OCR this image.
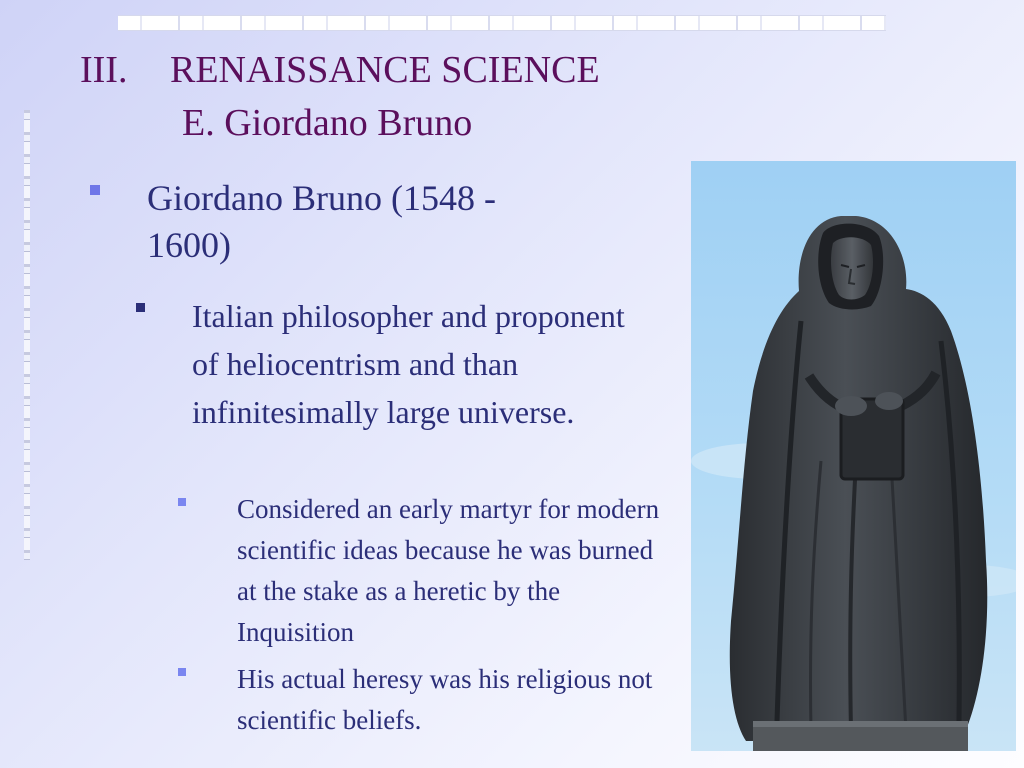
III. RENAISSANCE SCIENCE
E. Giordano Bruno
Giordano Bruno (1548 - 1600)
Italian philosopher and proponent of heliocentrism and than infinitesimally large universe.
Considered an early martyr for modern scientific ideas because he was burned at the stake as a heretic by the Inquisition
His actual heresy was his religious not scientific beliefs.
